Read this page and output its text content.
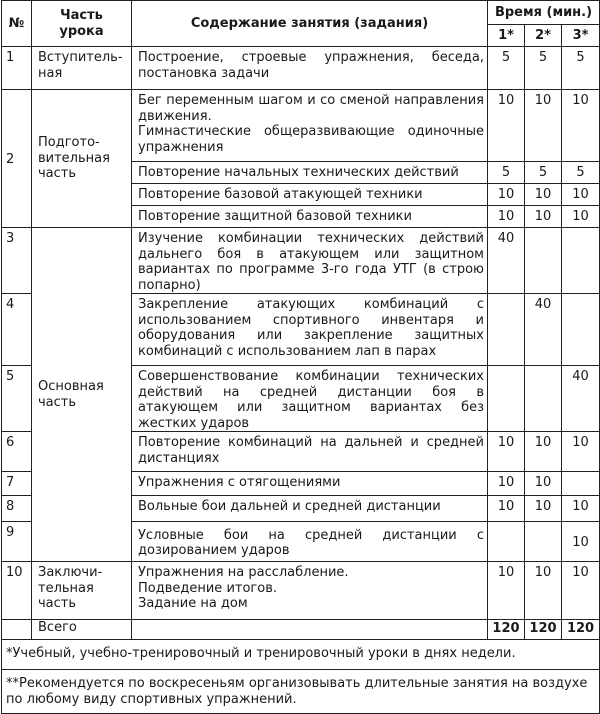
№	Часть урока	Содержание занятия (задания)	Время (мин.)		
			1*	2*	3*
1	Вступитель-ная	Построение, строевые упражнения, беседа, постановка задачи	5	5	5
2	Подгото-вительная часть	Бег переменным шагом и со сменой направления движения.
Гимнастические общеразвивающие одиночные упражнения	10	10	10
		Повторение начальных технических действий	5	5	5
		Повторение базовой атакующей техники	10	10	10
		Повторение защитной базовой техники	10	10	10
3	Основная часть	Изучение комбинации технических действий дальнего боя в атакующем или защитном вариантах по программе 3-го года УТГ (в строю попарно)	40		
4		Закрепление атакующих комбинаций с использованием спортивного инвентаря и оборудования или закрепление защитных комбинаций с использованием лап в парах		40	
5		Совершенствование комбинации технических действий на средней дистанции боя в атакующем или защитном вариантах без жестких ударов			40
6		Повторение комбинаций на дальней и средней дистанциях	10	10	10
7		Упражнения с отягощениями	10	10	
8		Вольные бои дальней и средней дистанции	10	10	10
9		Условные бои на средней дистанции с дозированием ударов			10
10	Заключи-тельная часть	Упражнения на расслабление.
Подведение итогов.
Задание на дом	10	10	10
	Всего		120	120	120
*Учебный, учебно-тренировочный и тренировочный уроки в днях недели.					
**Рекомендуется по воскресеньям организовывать длительные занятия на воздухе по любому виду спортивных упражнений.					
